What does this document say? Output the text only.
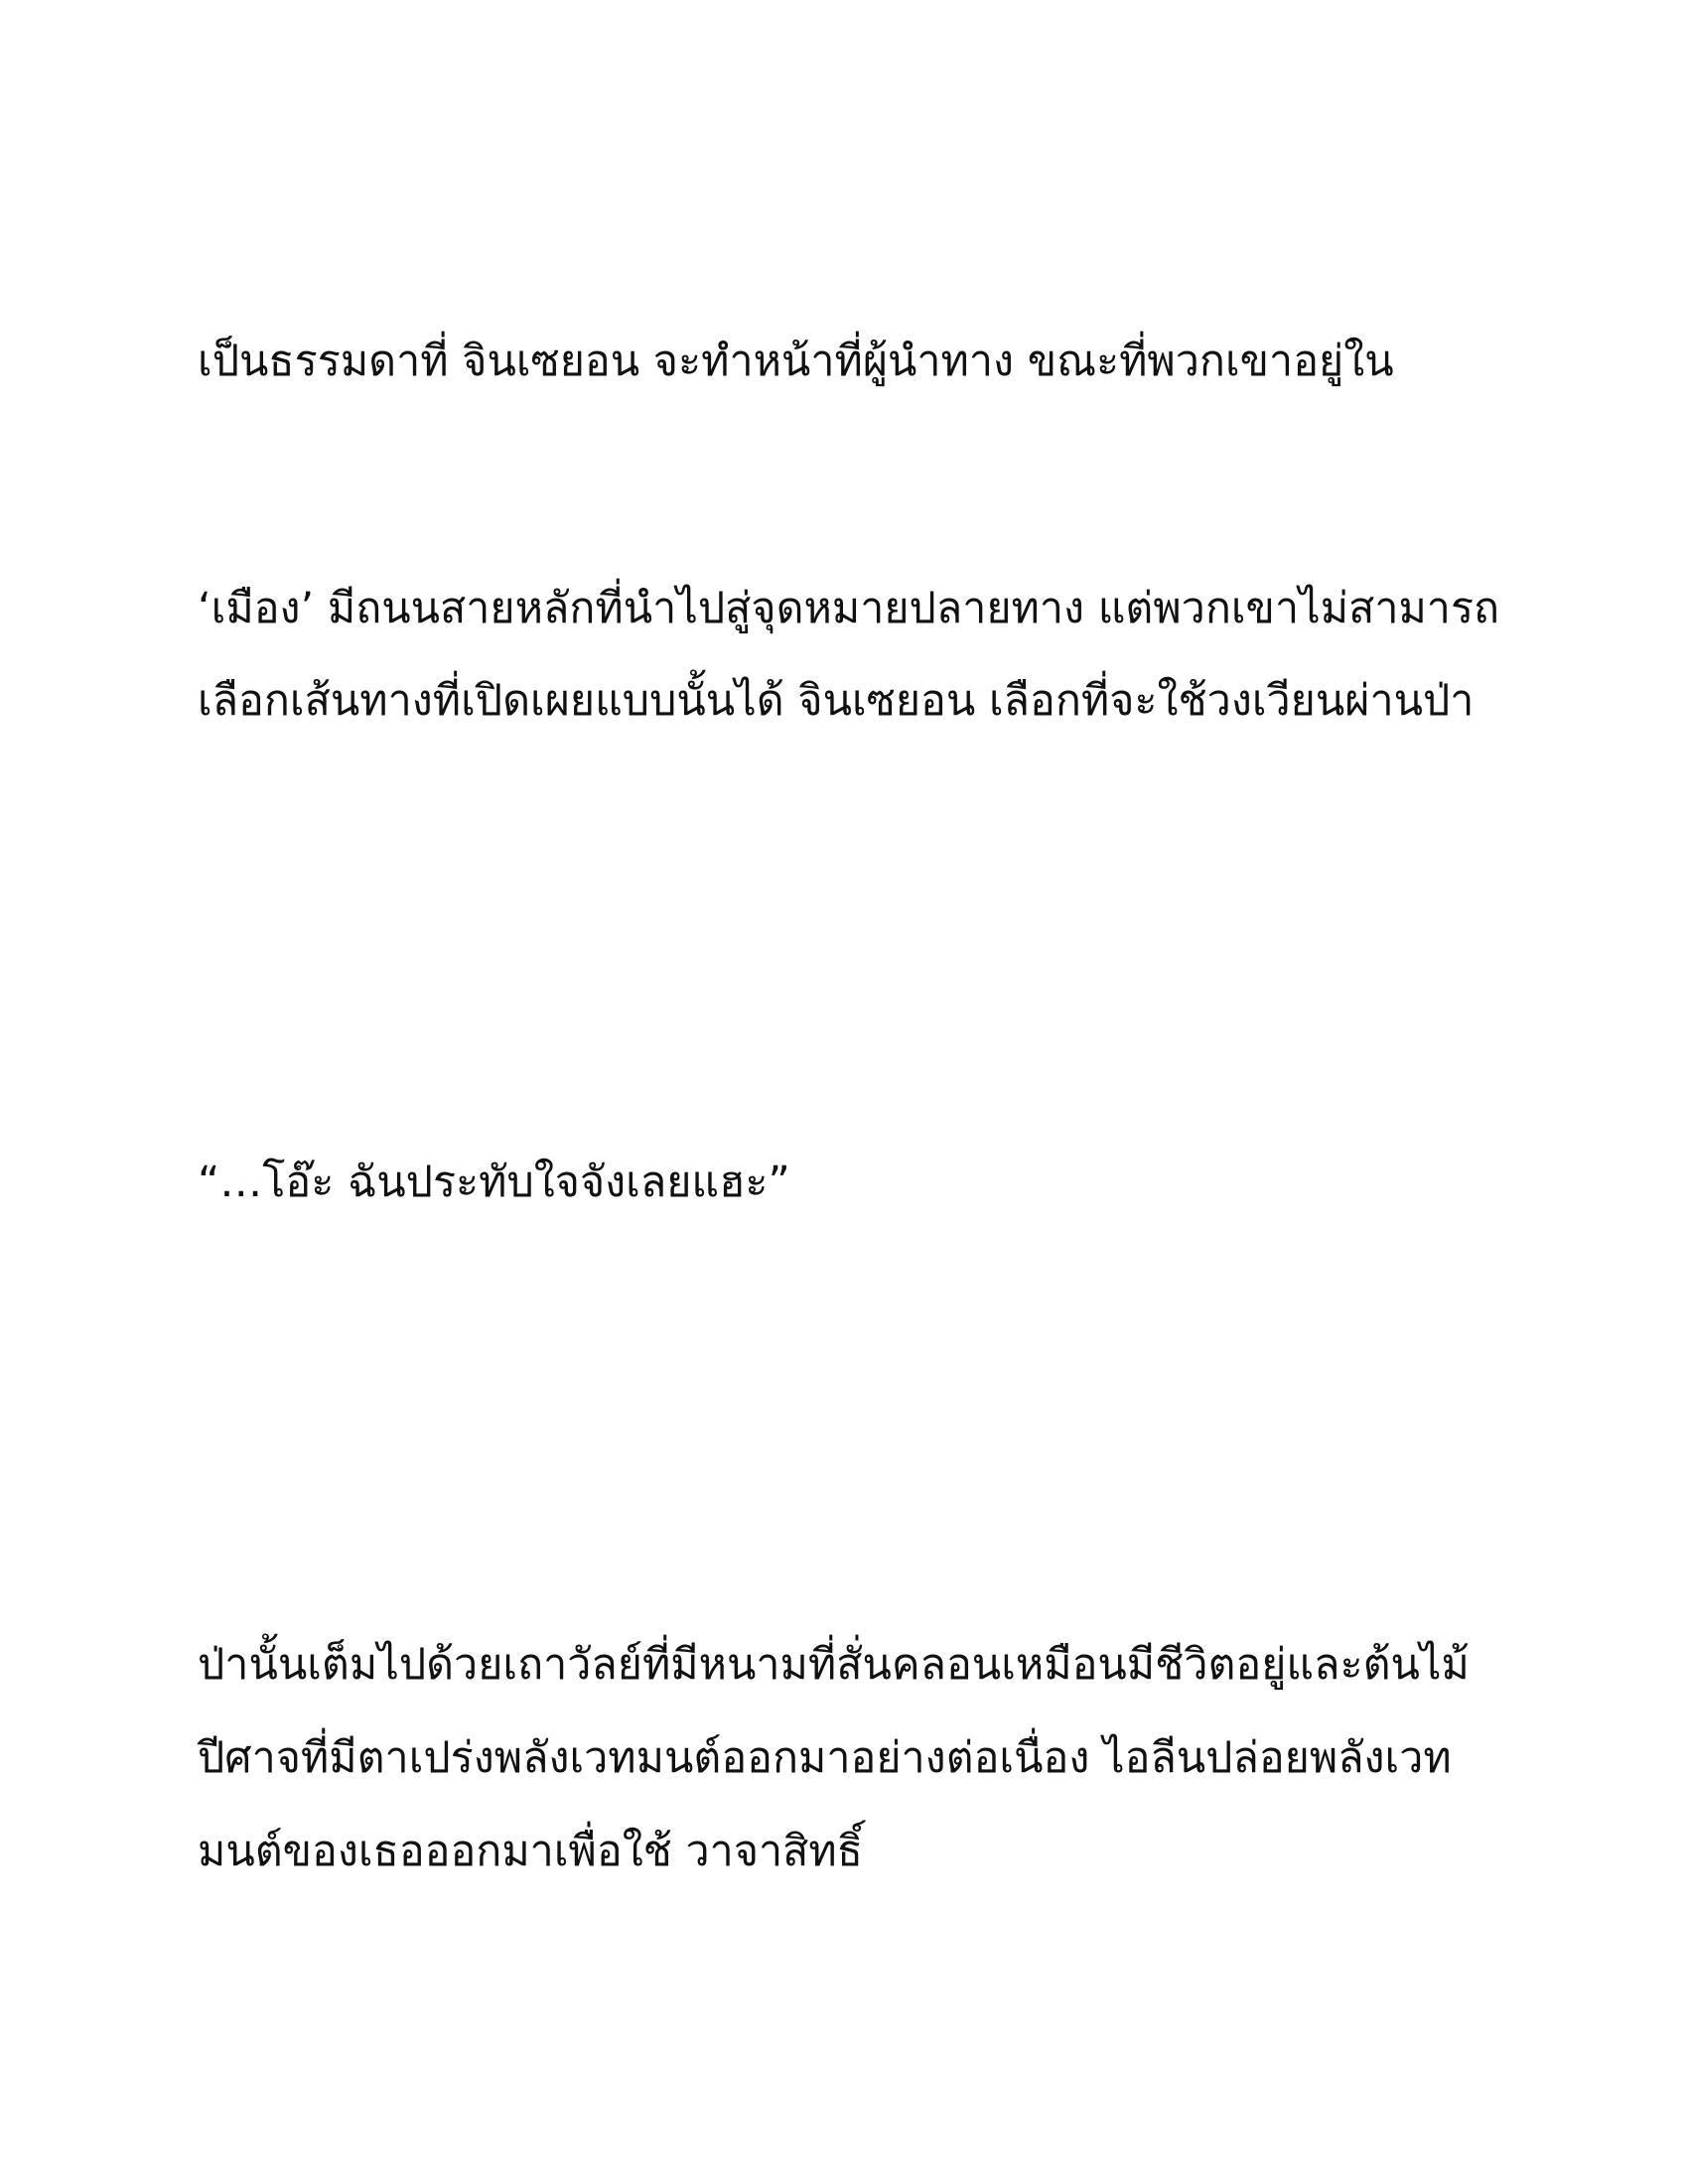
เป็นธรรมดาที่ จินเซยอน จะทำหน้าที่ผู้นำทาง ขณะที่พวกเขาอยู่ใน

‘เมือง’ มีถนนสายหลักที่นำไปสู่จุดหมายปลายทาง แต่พวกเขาไม่สามารถ

เลือกเส้นทางที่เปิดเผยแบบนั้นได้ จินเซยอน เลือกที่จะใช้วงเวียนผ่านป่า

“…โอ๊ะ ฉันประทับใจจังเลยแฮะ”

ป่านั้นเต็มไปด้วยเถาวัลย์ที่มีหนามที่สั่นคลอนเหมือนมีชีวิตอยู่และต้นไม้

ปีศาจที่มีตาเปร่งพลังเวทมนต์ออกมาอย่างต่อเนื่อง ไอลีนปล่อยพลังเวท

มนต์ของเธอออกมาเพื่อใช้ วาจาสิทธิ์
